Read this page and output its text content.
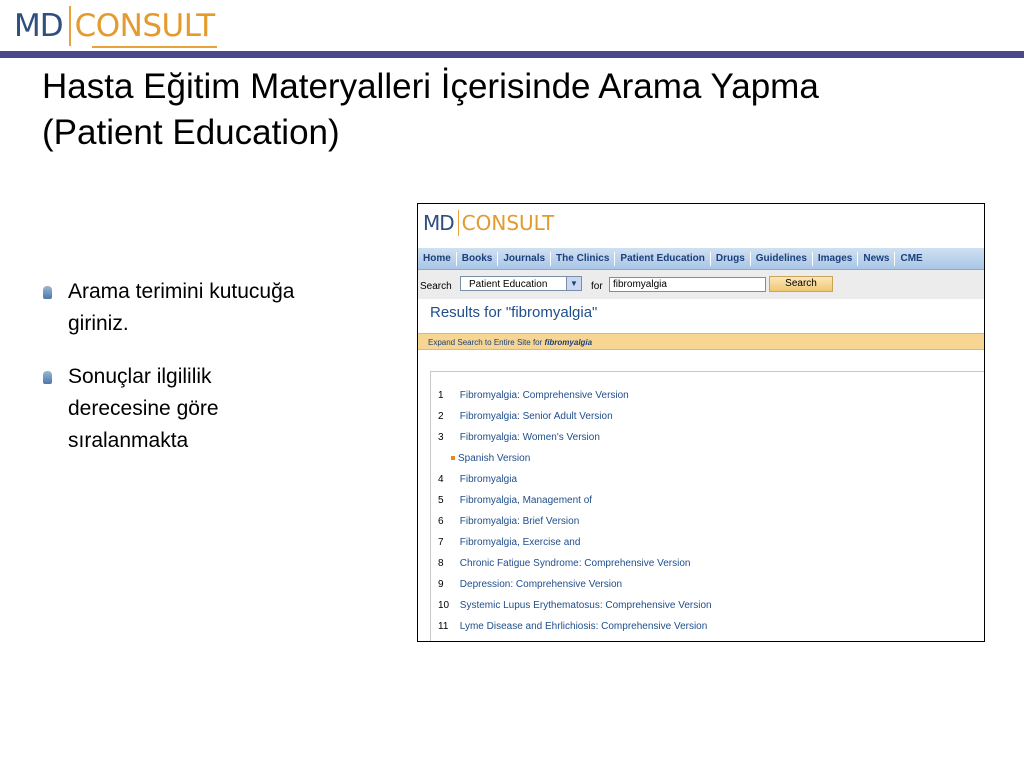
MD CONSULT
Hasta Eğitim Materyalleri İçerisinde Arama Yapma
(Patient Education)
Arama terimini kutucuğa
giriniz.
Sonuçlar ilgililik
derecesine göre
sıralanmakta
MD CONSULT
Home	Books	Journals	The Clinics	Patient Education	Drugs	Guidelines	Images	News	CME
Search	Patient Education	▼	for
fibromyalgia	Search
Results for "fibromyalgia"
Expand Search to Entire Site for fibromyalgia
1 Fibromyalgia: Comprehensive Version
2 Fibromyalgia: Senior Adult Version
3 Fibromyalgia: Women's Version
Spanish Version
4 Fibromyalgia
5 Fibromyalgia, Management of
6 Fibromyalgia: Brief Version
7 Fibromyalgia, Exercise and
8 Chronic Fatigue Syndrome: Comprehensive Version
9 Depression: Comprehensive Version
10 Systemic Lupus Erythematosus: Comprehensive Version
11 Lyme Disease and Ehrlichiosis: Comprehensive Version
